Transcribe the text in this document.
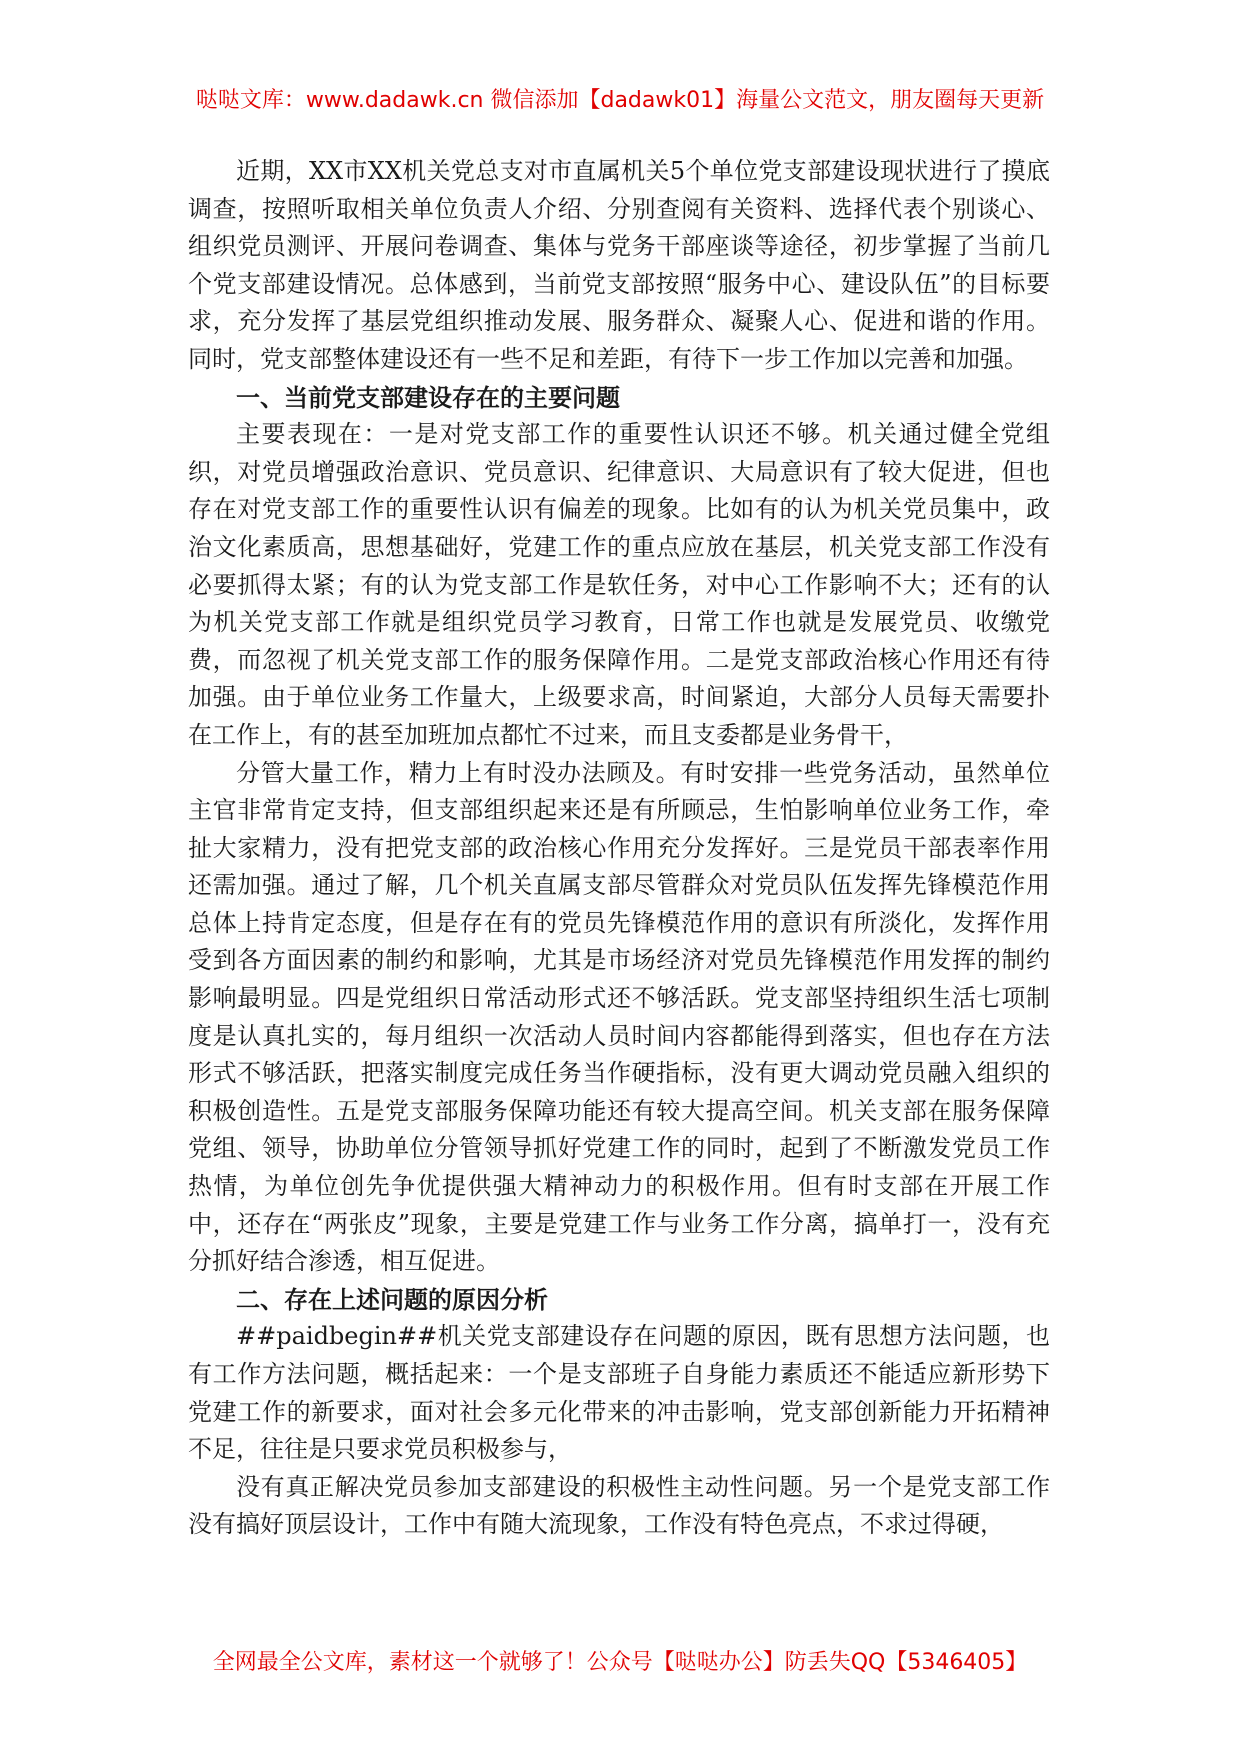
哒哒文库：www.dadawk.cn 微信添加【dadawk01】海量公文范文，朋友圈每天更新

近期，XX市XX机关党总支对市直属机关5个单位党支部建设现状进行了摸底调查，按照听取相关单位负责人介绍、分别查阅有关资料、选择代表个别谈心、组织党员测评、开展问卷调查、集体与党务干部座谈等途径，初步掌握了当前几个党支部建设情况。总体感到，当前党支部按照“服务中心、建设队伍”的目标要求，充分发挥了基层党组织推动发展、服务群众、凝聚人心、促进和谐的作用。同时，党支部整体建设还有一些不足和差距，有待下一步工作加以完善和加强。

一、当前党支部建设存在的主要问题

主要表现在：一是对党支部工作的重要性认识还不够。机关通过健全党组织，对党员增强政治意识、党员意识、纪律意识、大局意识有了较大促进，但也存在对党支部工作的重要性认识有偏差的现象。比如有的认为机关党员集中，政治文化素质高，思想基础好，党建工作的重点应放在基层，机关党支部工作没有必要抓得太紧；有的认为党支部工作是软任务，对中心工作影响不大；还有的认为机关党支部工作就是组织党员学习教育，日常工作也就是发展党员、收缴党费，而忽视了机关党支部工作的服务保障作用。二是党支部政治核心作用还有待加强。由于单位业务工作量大，上级要求高，时间紧迫，大部分人员每天需要扑在工作上，有的甚至加班加点都忙不过来，而且支委都是业务骨干，

分管大量工作，精力上有时没办法顾及。有时安排一些党务活动，虽然单位主官非常肯定支持，但支部组织起来还是有所顾忌，生怕影响单位业务工作，牵扯大家精力，没有把党支部的政治核心作用充分发挥好。三是党员干部表率作用还需加强。通过了解，几个机关直属支部尽管群众对党员队伍发挥先锋模范作用总体上持肯定态度，但是存在有的党员先锋模范作用的意识有所淡化，发挥作用受到各方面因素的制约和影响，尤其是市场经济对党员先锋模范作用发挥的制约影响最明显。四是党组织日常活动形式还不够活跃。党支部坚持组织生活七项制度是认真扎实的，每月组织一次活动人员时间内容都能得到落实，但也存在方法形式不够活跃，把落实制度完成任务当作硬指标，没有更大调动党员融入组织的积极创造性。五是党支部服务保障功能还有较大提高空间。机关支部在服务保障党组、领导，协助单位分管领导抓好党建工作的同时，起到了不断激发党员工作热情，为单位创先争优提供强大精神动力的积极作用。但有时支部在开展工作中，还存在“两张皮”现象，主要是党建工作与业务工作分离，搞单打一，没有充分抓好结合渗透，相互促进。

二、存在上述问题的原因分析

##paidbegin##机关党支部建设存在问题的原因，既有思想方法问题，也有工作方法问题，概括起来：一个是支部班子自身能力素质还不能适应新形势下党建工作的新要求，面对社会多元化带来的冲击影响，党支部创新能力开拓精神不足，往往是只要求党员积极参与，

没有真正解决党员参加支部建设的积极性主动性问题。另一个是党支部工作没有搞好顶层设计，工作中有随大流现象，工作没有特色亮点，不求过得硬，

全网最全公文库，素材这一个就够了！公众号【哒哒办公】防丢失QQ【5346405】
